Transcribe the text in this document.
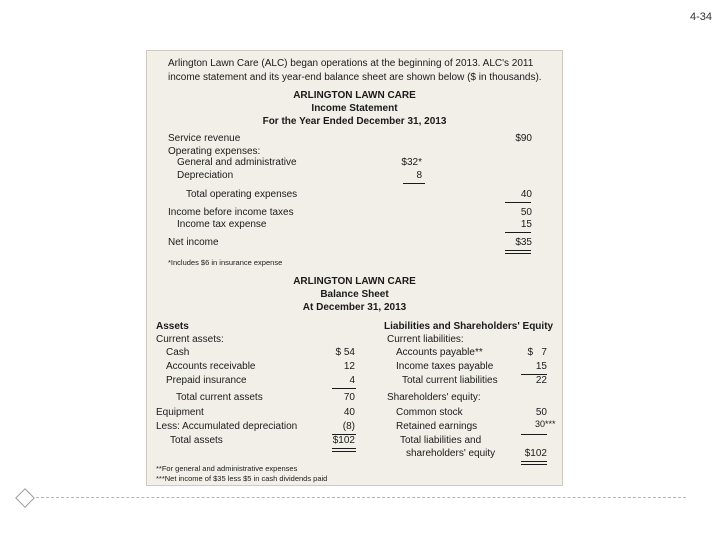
4-34
Arlington Lawn Care (ALC) began operations at the beginning of 2013. ALC's 2011
income statement and its year-end balance sheet are shown below ($ in thousands).
ARLINGTON LAWN CARE
Income Statement
For the Year Ended December 31, 2013
Service revenue	$90
Operating expenses:
General and administrative	$32*
Depreciation	8
Total operating expenses	40
Income before income taxes	50
Income tax expense	15
Net income	$35
*Includes $6 in insurance expense
ARLINGTON LAWN CARE
Balance Sheet
At December 31, 2013
Assets	Liabilities and Shareholders' Equity
Current assets:
Cash	$ 54
Accounts receivable	12
Prepaid insurance	4
Total current assets	70
Equipment	40
Less: Accumulated depreciation	(8)
Total assets	$102
Current liabilities:
Accounts payable**	$   7
Income taxes payable	15
Total current liabilities	22
Shareholders' equity:
Common stock	50
Retained earnings	30***
Total liabilities and
shareholders' equity	$102
**For general and administrative expenses
***Net income of $35 less $5 in cash dividends paid
